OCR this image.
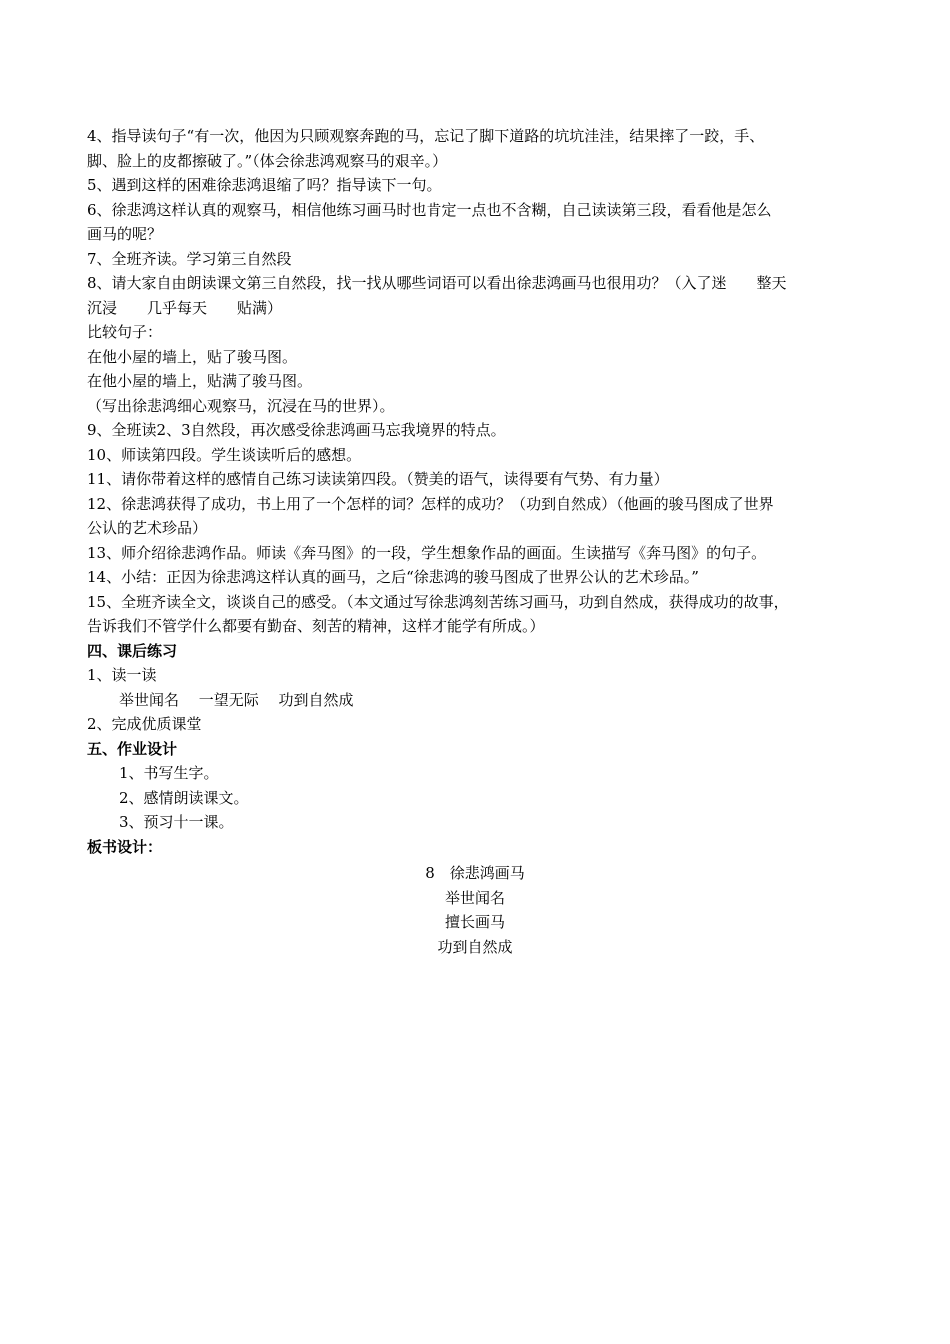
4、指导读句子“有一次，他因为只顾观察奔跑的马，忘记了脚下道路的坑坑洼洼，结果摔了一跤，手、

脚、脸上的皮都擦破了。”（体会徐悲鸿观察马的艰辛。）

5、遇到这样的困难徐悲鸿退缩了吗？指导读下一句。

6、徐悲鸿这样认真的观察马，相信他练习画马时也肯定一点也不含糊，自己读读第三段，看看他是怎么

画马的呢？

7、全班齐读。学习第三自然段

8、请大家自由朗读课文第三自然段，找一找从哪些词语可以看出徐悲鸿画马也很用功？（入了迷　　整天

沉浸　　几乎每天　　贴满）

比较句子：

在他小屋的墙上，贴了骏马图。

在他小屋的墙上，贴满了骏马图。

（写出徐悲鸿细心观察马，沉浸在马的世界）。

9、全班读2、3自然段，再次感受徐悲鸿画马忘我境界的特点。

10、师读第四段。学生谈读听后的感想。

11、请你带着这样的感情自己练习读读第四段。（赞美的语气，读得要有气势、有力量）

12、徐悲鸿获得了成功，书上用了一个怎样的词？怎样的成功？（功到自然成）（他画的骏马图成了世界

公认的艺术珍品）

13、师介绍徐悲鸿作品。师读《奔马图》的一段，学生想象作品的画面。生读描写《奔马图》的句子。

14、小结：正因为徐悲鸿这样认真的画马，之后“徐悲鸿的骏马图成了世界公认的艺术珍品。”

15、全班齐读全文，谈谈自己的感受。（本文通过写徐悲鸿刻苦练习画马，功到自然成，获得成功的故事，

告诉我们不管学什么都要有勤奋、刻苦的精神，这样才能学有所成。）

四、课后练习

1、读一读

举世闻名　 一望无际　 功到自然成

2、完成优质课堂

五、作业设计

1、书写生字。

2、感情朗读课文。

3、预习十一课。

板书设计：

8　徐悲鸿画马

举世闻名

擅长画马

功到自然成
